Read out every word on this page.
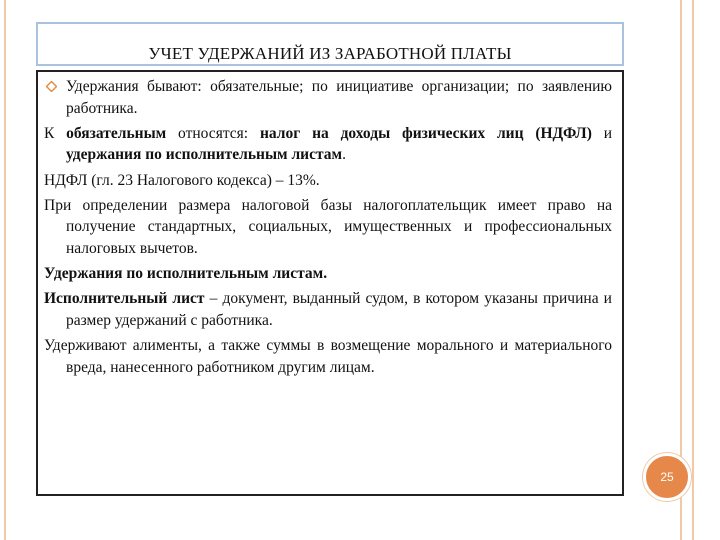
УЧЕТ УДЕРЖАНИЙ ИЗ ЗАРАБОТНОЙ ПЛАТЫ

Удержания бывают: обязательные; по инициативе организации; по заявлению работника.

К обязательным относятся: налог на доходы физических лиц (НДФЛ) и удержания по исполнительным листам.

НДФЛ (гл. 23 Налогового кодекса) – 13%.

При определении размера налоговой базы налогоплательщик имеет право на получение стандартных, социальных, имущественных и профессиональных налоговых вычетов.

Удержания по исполнительным листам.

Исполнительный лист – документ, выданный судом, в котором указаны причина и размер удержаний с работника.

Удерживают алименты, а также суммы в возмещение морального и материального вреда, нанесенного работником другим лицам.

25
